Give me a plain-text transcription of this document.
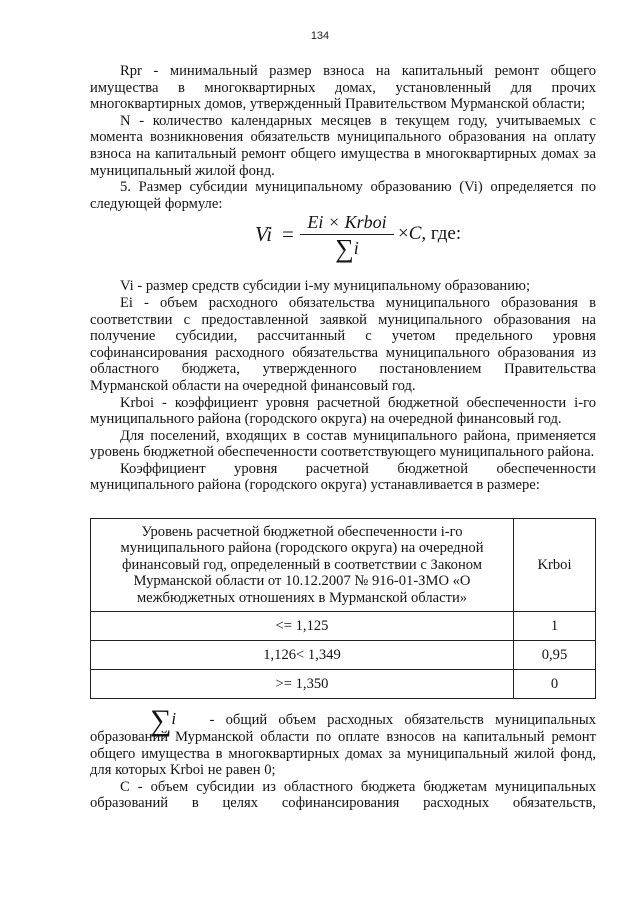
134

Rpr - минимальный размер взноса на капитальный ремонт общего имущества в многоквартирных домах, установленный для прочих многоквартирных домов, утвержденный Правительством Мурманской области;

N - количество календарных месяцев в текущем году, учитываемых с момента возникновения обязательств муниципального образования на оплату взноса на капитальный ремонт общего имущества в многоквартирных домах за муниципальный жилой фонд.

5. Размер субсидии муниципальному образованию (Vi) определяется по следующей формуле:

Vi = Ei × Krboi
∑i
×C, где:

Vi - размер средств субсидии i-му муниципальному образованию;

Ei - объем расходного обязательства муниципального образования в соответствии с предоставленной заявкой муниципального образования на получение субсидии, рассчитанный с учетом предельного уровня софинансирования расходного обязательства муниципального образования из областного бюджета, утвержденного постановлением Правительства Мурманской области на очередной финансовый год.

Krboi - коэффициент уровня расчетной бюджетной обеспеченности i-го муниципального района (городского округа) на очередной финансовый год.

Для поселений, входящих в состав муниципального района, применяется уровень бюджетной обеспеченности соответствующего муниципального района.

Коэффициент уровня расчетной бюджетной обеспеченности муниципального района (городского округа) устанавливается в размере:

Уровень расчетной бюджетной обеспеченности i-го муниципального района (городского округа) на очередной финансовый год, определенный в соответствии с Законом Мурманской области от 10.12.2007 № 916-01-ЗМО «О межбюджетных отношениях в Мурманской области»	Krboi
<= 1,125	1
1,126< 1,349	0,95
>= 1,350	0

∑$^i$ - общий объем расходных обязательств муниципальных образований Мурманской области по оплате взносов на капитальный ремонт общего имущества в многоквартирных домах за муниципальный жилой фонд, для которых Krboi не равен 0;

C - объем субсидии из областного бюджета бюджетам муниципальных образований в целях софинансирования расходных обязательств,
